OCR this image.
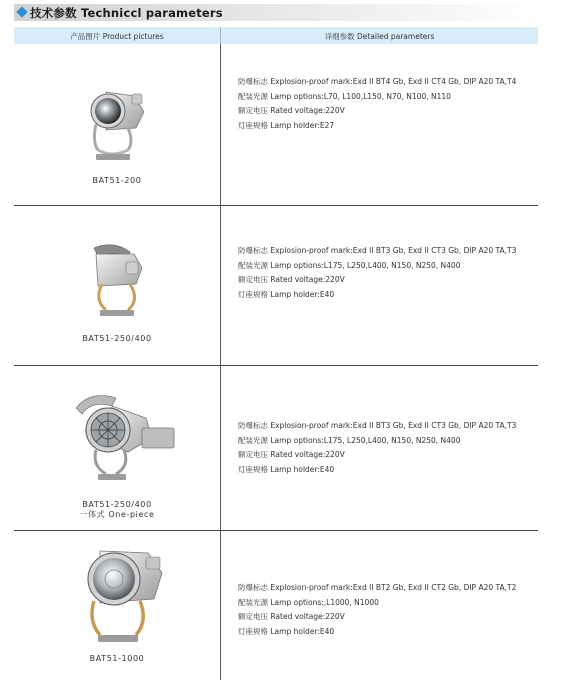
技术参数 Techniccl parameters
产品图片 Product pictures	详细参数 Detailed parameters
BAT51-200
防爆标志 Explosion-proof mark:Exd II BT4 Gb, Exd II CT4 Gb, DIP A20 TA,T4
配装光源 Lamp options:L70, L100,L150, N70, N100, N110
额定电压 Rated voltage:220V
灯座规格 Lamp holder:E27
BAT51-250/400
防爆标志 Explosion-proof mark:Exd II BT3 Gb, Exd II CT3 Gb, DIP A20 TA,T3
配装光源 Lamp options:L175, L250,L400, N150, N250, N400
额定电压 Rated voltage:220V
灯座规格 Lamp holder:E40
BAT51-250/400
一体式 One-piece
防爆标志 Explosion-proof mark:Exd II BT3 Gb, Exd II CT3 Gb, DIP A20 TA,T3
配装光源 Lamp options:L175, L250,L400, N150, N250, N400
额定电压 Rated voltage:220V
灯座规格 Lamp holder:E40
BAT51-1000
防爆标志 Explosion-proof mark:Exd II BT2 Gb, Exd II CT2 Gb, DIP A20 TA,T2
配装光源 Lamp options:,L1000, N1000
额定电压 Rated voltage:220V
灯座规格 Lamp holder:E40
